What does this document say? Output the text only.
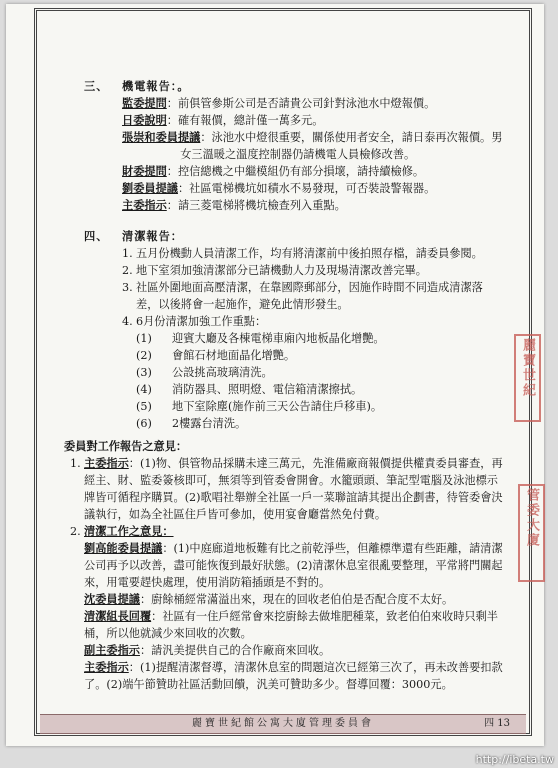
三、 機電報告：。
監委提問：前俱管參斯公司是否請貴公司針對泳池水中燈報價。
日委說明：確有報價，總計僅一萬多元。
張崇和委員提議：泳池水中燈很重要，關係使用者安全，請日泰再次報價。男女三溫暖之溫度控制器仍請機電人員檢修改善。
財委提問：控信總機之中繼模組仍有部分損壞，請持續檢修。
劉委員提議：社區電梯機坑如積水不易發現，可否裝設警報器。
主委指示：請三菱電梯將機坑檢查列入重點。
四、 清潔報告：
1. 五月份機動人員清潔工作，均有將清潔前中後拍照存檔，請委員參閱。
2. 地下室須加強清潔部分已請機動人力及現場清潔改善完畢。
3. 社區外圍地面高壓清潔，在靠國際郵部分，因施作時間不同造成清潔落差，以後將會一起施作，避免此情形發生。
4. 6月份清潔加強工作重點：
(1)	迎賓大廳及各棟電梯車廂內地板晶化增艷。
(2)	會館石材地面晶化增艷。
(3)	公設挑高玻璃清洗。
(4)	消防器具、照明燈、電信箱清潔擦拭。
(5)	地下室除塵(施作前三天公告請住戶移車)。
(6)	2樓露台清洗。
委員對工作報告之意見：
1. 主委指示：(1)物、俱管物品採購未達三萬元，先淮備廠商報價提供權責委員審查，再經主、財、監委簽核即可，無須等到管委會開會。水籠頭頭、筆記型電腦及泳池標示牌皆可循程序購買。(2)歌唱社舉辦全社區一戶一菜聯誼請其提出企劃書，待管委會決議執行，如為全社區住戶皆可參加，使用宴會廳當然免付費。
2. 清潔工作之意見：
劉高能委員提議：(1)中庭廊道地板難有比之前乾淨些，但離標準還有些距離，請清潔公司再予以改善，盡可能恢復到最好狀態。(2)清潔休息室很亂要整理，平常將門關起來，用電要趕快處理，使用消防箱插頭是不對的。
沈委員提議：廚餘桶經常滿溢出來，現在的回收老伯伯是否配合度不太好。
清潔組長回覆：社區有一住戶經常會來挖廚餘去做堆肥種菜，致老伯伯來收時只剩半桶，所以他就減少來回收的次數。
副主委指示：請汎美提供自己的合作廠商來回收。
主委指示：(1)提醒清潔督導，清潔休息室的問題這次已經第三次了，再未改善要扣款了。(2)端午節贊助社區活動回饋，汎美可贊助多少。督導回覆：3000元。
麗寶世紀館公寓大廈管理委員會	四 13
麗寶世紀
管委大廈
http://ibeta.tw
